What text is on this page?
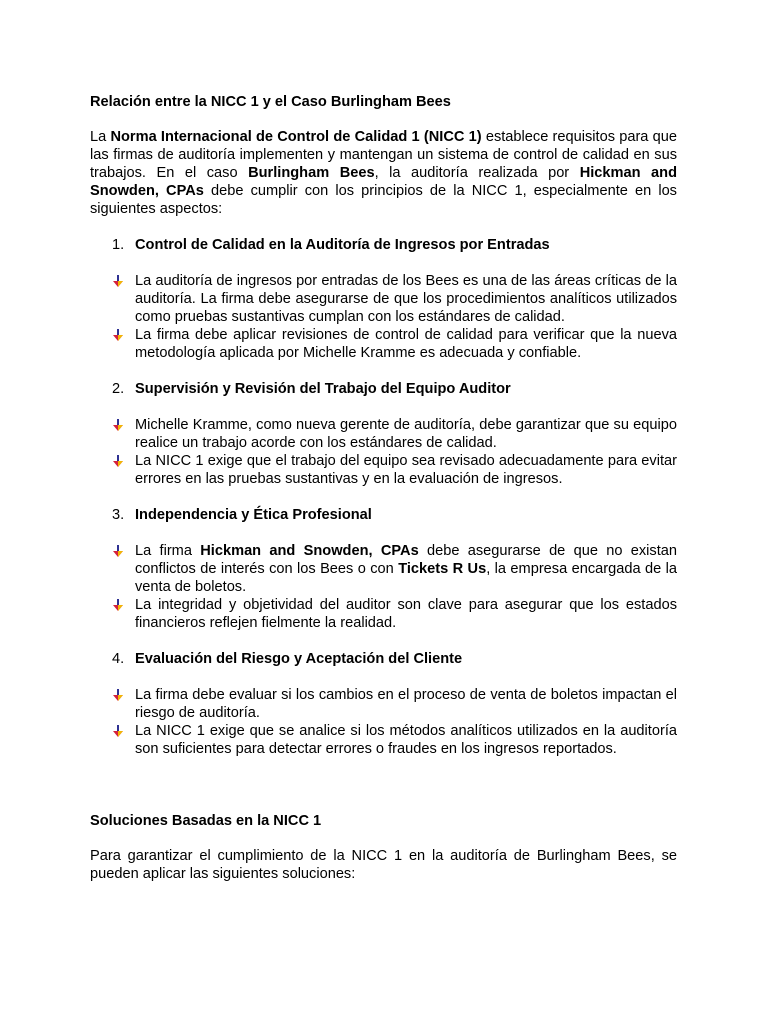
Relación entre la NICC 1 y el Caso Burlingham Bees

La Norma Internacional de Control de Calidad 1 (NICC 1) establece requisitos para que las firmas de auditoría implementen y mantengan un sistema de control de calidad en sus trabajos. En el caso Burlingham Bees, la auditoría realizada por Hickman and Snowden, CPAs debe cumplir con los principios de la NICC 1, especialmente en los siguientes aspectos:

1. Control de Calidad en la Auditoría de Ingresos por Entradas
La auditoría de ingresos por entradas de los Bees es una de las áreas críticas de la auditoría. La firma debe asegurarse de que los procedimientos analíticos utilizados como pruebas sustantivas cumplan con los estándares de calidad.
La firma debe aplicar revisiones de control de calidad para verificar que la nueva metodología aplicada por Michelle Kramme es adecuada y confiable.
2. Supervisión y Revisión del Trabajo del Equipo Auditor
Michelle Kramme, como nueva gerente de auditoría, debe garantizar que su equipo realice un trabajo acorde con los estándares de calidad.
La NICC 1 exige que el trabajo del equipo sea revisado adecuadamente para evitar errores en las pruebas sustantivas y en la evaluación de ingresos.
3. Independencia y Ética Profesional
La firma Hickman and Snowden, CPAs debe asegurarse de que no existan conflictos de interés con los Bees o con Tickets R Us, la empresa encargada de la venta de boletos.
La integridad y objetividad del auditor son clave para asegurar que los estados financieros reflejen fielmente la realidad.
4. Evaluación del Riesgo y Aceptación del Cliente
La firma debe evaluar si los cambios en el proceso de venta de boletos impactan el riesgo de auditoría.
La NICC 1 exige que se analice si los métodos analíticos utilizados en la auditoría son suficientes para detectar errores o fraudes en los ingresos reportados.

Soluciones Basadas en la NICC 1

Para garantizar el cumplimiento de la NICC 1 en la auditoría de Burlingham Bees, se pueden aplicar las siguientes soluciones:
